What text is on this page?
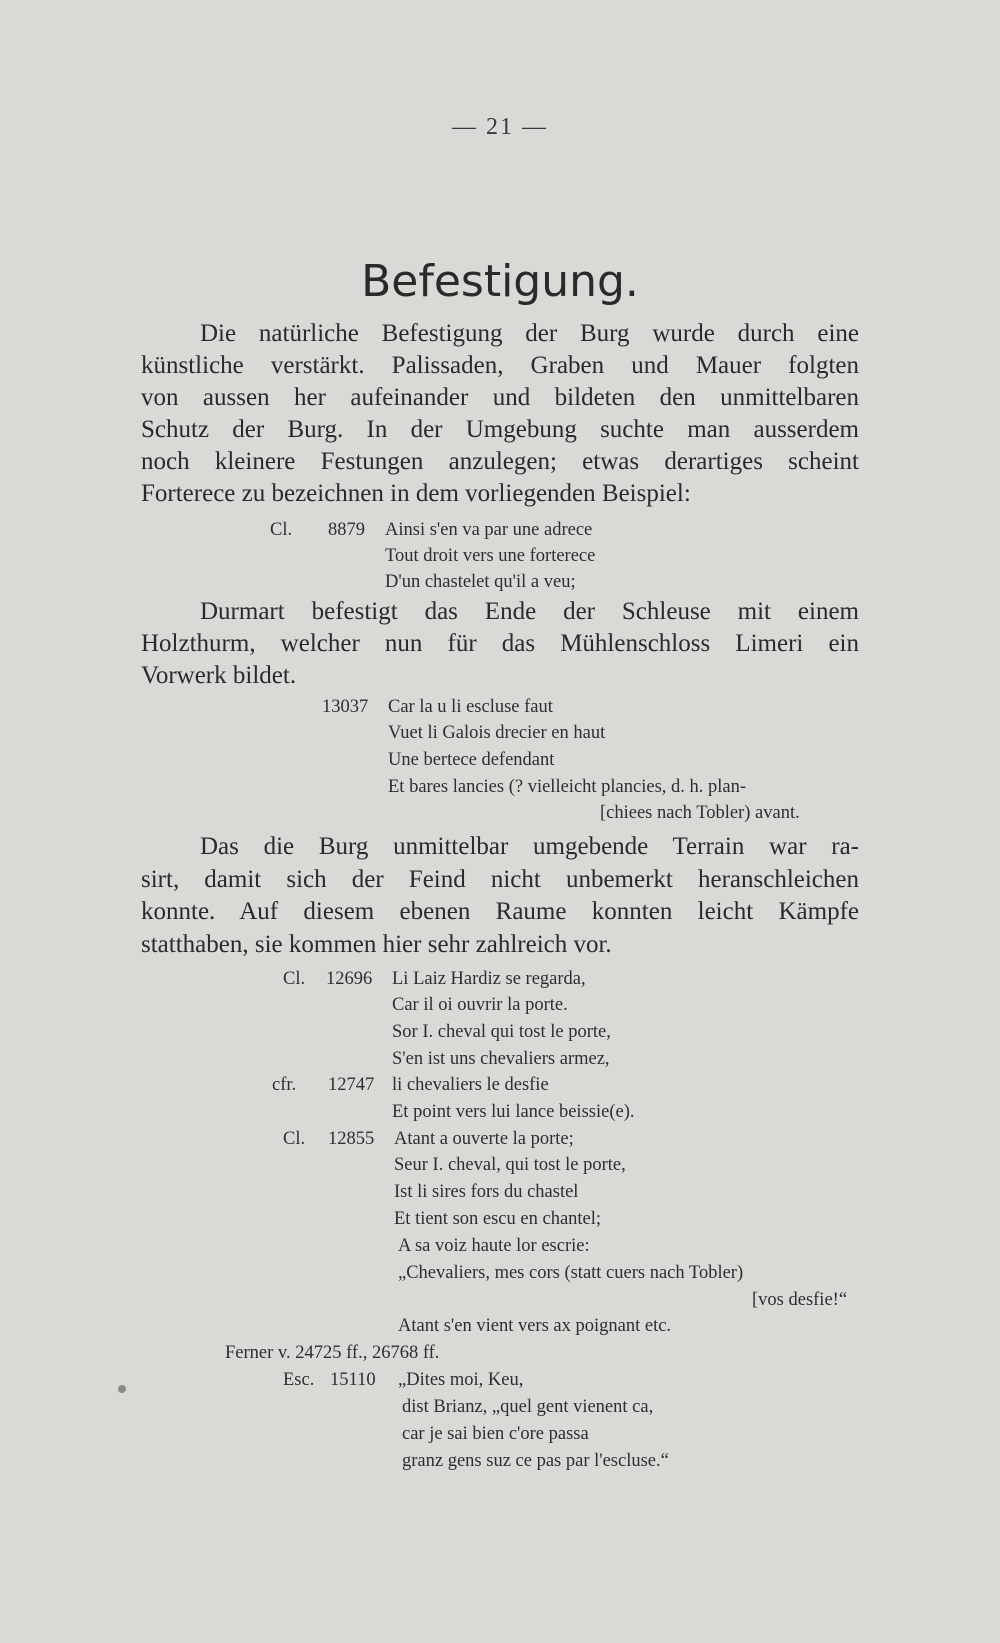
— 21 —
Befestigung.
Die natürliche Befestigung der Burg wurde durch eine
künstliche verstärkt. Palissaden, Graben und Mauer folgten
von aussen her aufeinander und bildeten den unmittelbaren
Schutz der Burg. In der Umgebung suchte man ausserdem
noch kleinere Festungen anzulegen; etwas derartiges scheint
Forterece zu bezeichnen in dem vorliegenden Beispiel:
Cl. 8879 Ainsi s'en va par une adrece
Tout droit vers une forterece
D'un chastelet qu'il a veu;
Durmart befestigt das Ende der Schleuse mit einem
Holzthurm, welcher nun für das Mühlenschloss Limeri ein
Vorwerk bildet.
13037 Car la u li escluse faut
Vuet li Galois drecier en haut
Une bertece defendant
Et bares lancies (? vielleicht plancies, d. h. plan-
[chiees nach Tobler) avant.
Das die Burg unmittelbar umgebende Terrain war ra-
sirt, damit sich der Feind nicht unbemerkt heranschleichen
konnte. Auf diesem ebenen Raume konnten leicht Kämpfe
statthaben, sie kommen hier sehr zahlreich vor.
Cl. 12696 Li Laiz Hardiz se regarda,
Car il oi ouvrir la porte.
Sor I. cheval qui tost le porte,
S'en ist uns chevaliers armez,
cfr. 12747 li chevaliers le desfie
Et point vers lui lance beissie(e).
Cl. 12855 Atant a ouverte la porte;
Seur I. cheval, qui tost le porte,
Ist li sires fors du chastel
Et tient son escu en chantel;
A sa voiz haute lor escrie:
„Chevaliers, mes cors (statt cuers nach Tobler)
[vos desfie!“
Atant s'en vient vers ax poignant etc.
Ferner v. 24725 ff., 26768 ff.
Esc. 15110 „Dites moi, Keu,
dist Brianz, „quel gent vienent ca,
car je sai bien c'ore passa
granz gens suz ce pas par l'escluse.“
